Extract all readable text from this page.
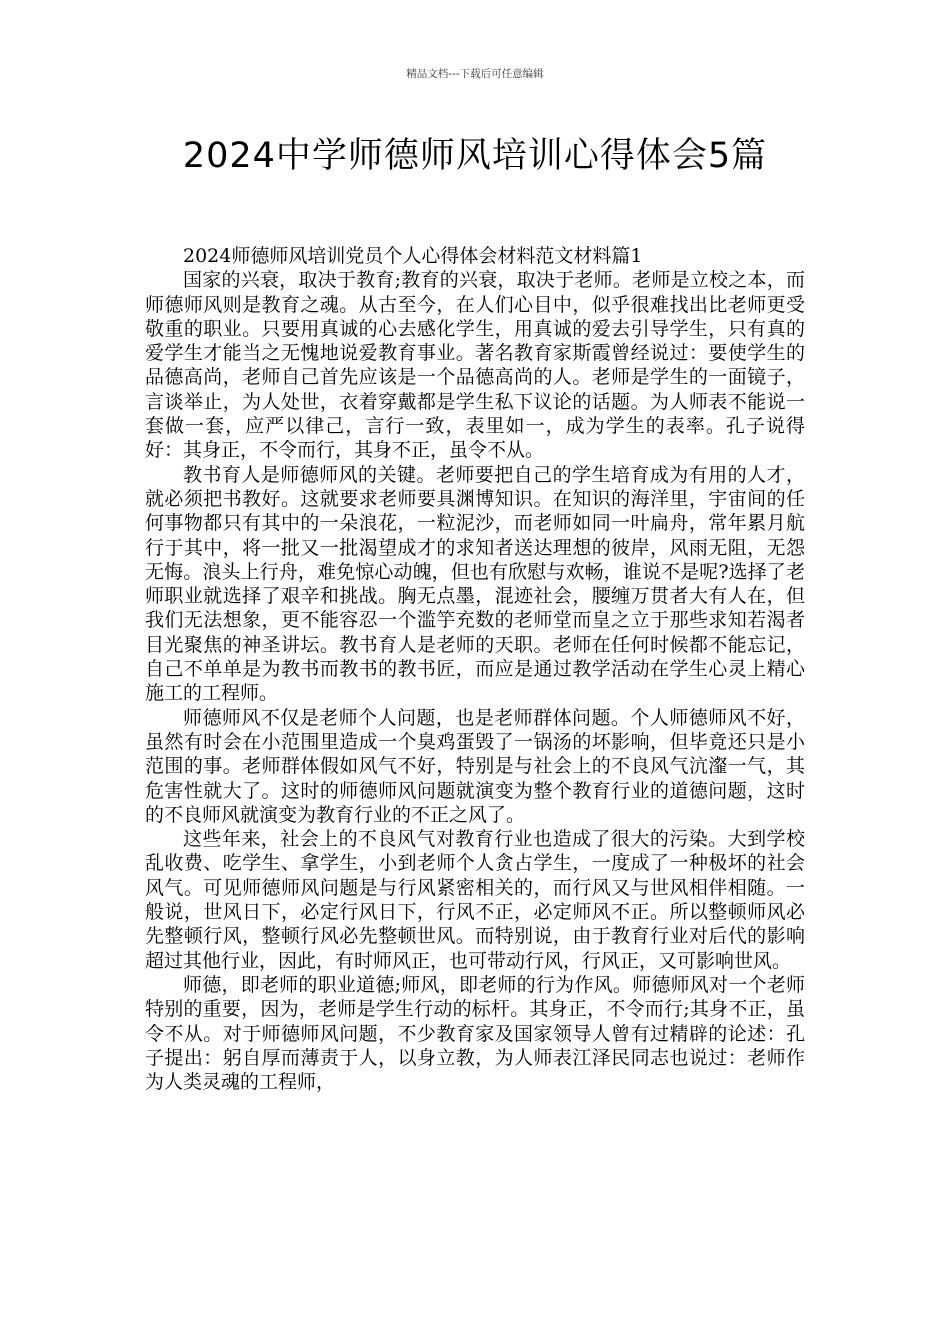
精品文档---下载后可任意编辑
2024中学师德师风培训心得体会5篇

2024师德师风培训党员个人心得体会材料范文材料篇1

国家的兴衰，取决于教育;教育的兴衰，取决于老师。老师是立校之本，而师德师风则是教育之魂。从古至今，在人们心目中，似乎很难找出比老师更受敬重的职业。只要用真诚的心去感化学生，用真诚的爱去引导学生，只有真的爱学生才能当之无愧地说爱教育事业。著名教育家斯霞曾经说过：要使学生的品德高尚，老师自己首先应该是一个品德高尚的人。老师是学生的一面镜子，言谈举止，为人处世，衣着穿戴都是学生私下议论的话题。为人师表不能说一套做一套，应严以律己，言行一致，表里如一，成为学生的表率。孔子说得好：其身正，不令而行，其身不正，虽令不从。

教书育人是师德师风的关键。老师要把自己的学生培育成为有用的人才，就必须把书教好。这就要求老师要具渊博知识。在知识的海洋里，宇宙间的任何事物都只有其中的一朵浪花，一粒泥沙，而老师如同一叶扁舟，常年累月航行于其中，将一批又一批渴望成才的求知者送达理想的彼岸，风雨无阻，无怨无悔。浪头上行舟，难免惊心动魄，但也有欣慰与欢畅，谁说不是呢?选择了老师职业就选择了艰辛和挑战。胸无点墨，混迹社会，腰缠万贯者大有人在，但我们无法想象，更不能容忍一个滥竽充数的老师堂而皇之立于那些求知若渴者目光聚焦的神圣讲坛。教书育人是老师的天职。老师在任何时候都不能忘记，自己不单单是为教书而教书的教书匠，而应是通过教学活动在学生心灵上精心施工的工程师。

师德师风不仅是老师个人问题，也是老师群体问题。个人师德师风不好，虽然有时会在小范围里造成一个臭鸡蛋毁了一锅汤的坏影响，但毕竟还只是小范围的事。老师群体假如风气不好，特别是与社会上的不良风气沆瀣一气，其危害性就大了。这时的师德师风问题就演变为整个教育行业的道德问题，这时的不良师风就演变为教育行业的不正之风了。

这些年来，社会上的不良风气对教育行业也造成了很大的污染。大到学校乱收费、吃学生、拿学生，小到老师个人贪占学生，一度成了一种极坏的社会风气。可见师德师风问题是与行风紧密相关的，而行风又与世风相伴相随。一般说，世风日下，必定行风日下，行风不正，必定师风不正。所以整顿师风必先整顿行风，整顿行风必先整顿世风。而特别说，由于教育行业对后代的影响超过其他行业，因此，有时师风正，也可带动行风，行风正，又可影响世风。

师德，即老师的职业道德;师风，即老师的行为作风。师德师风对一个老师特别的重要，因为，老师是学生行动的标杆。其身正，不令而行;其身不正，虽令不从。对于师德师风问题，不少教育家及国家领导人曾有过精辟的论述：孔子提出：躬自厚而薄责于人，以身立教，为人师表江泽民同志也说过：老师作为人类灵魂的工程师，
